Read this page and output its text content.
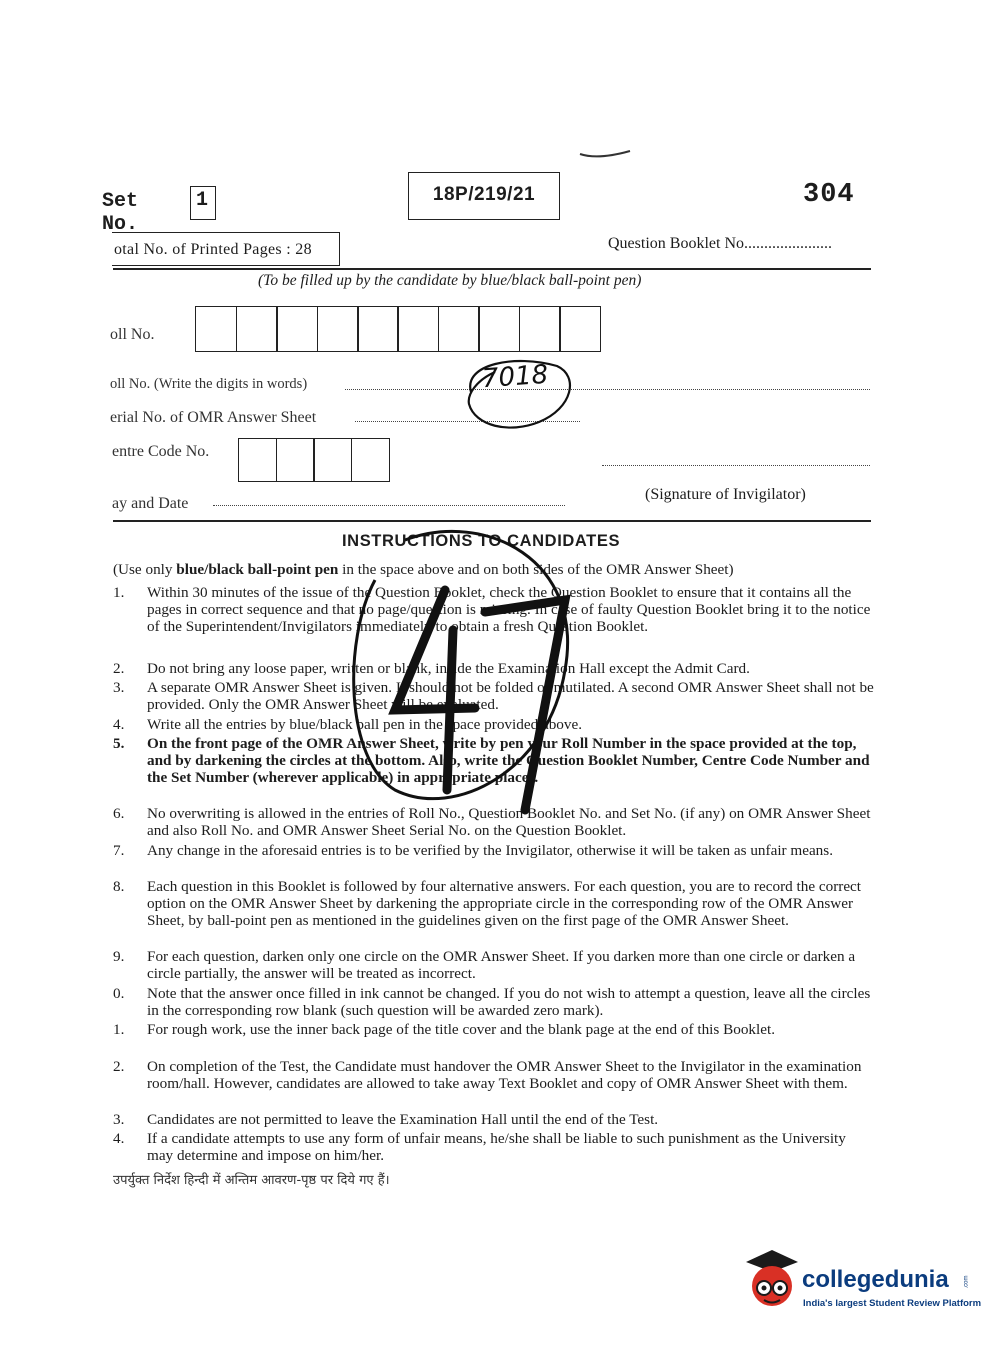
Set No.
1	18P/219/21	304
otal No. of Printed Pages : 28	Question Booklet No......................
(To be filled up by the candidate by blue/black ball-point pen)
oll No.
oll No. (Write the digits in words)
erial No. of OMR Answer Sheet
entre Code No.
ay and Date
(Signature of Invigilator)
7018
INSTRUCTIONS TO CANDIDATES
(Use only blue/black ball-point pen in the space above and on both sides of the OMR Answer Sheet)
1.	Within 30 minutes of the issue of the Question Booklet, check the Question Booklet to ensure that it contains all the pages in correct sequence and that no page/question is missing. In case of faulty Question Booklet bring it to the notice of the Superintendent/Invigilators immediately to obtain a fresh Question Booklet.
2.	Do not bring any loose paper, written or blank, inside the Examination Hall except the Admit Card.
3.	A separate OMR Answer Sheet is given. It should not be folded or mutilated. A second OMR Answer Sheet shall not be provided. Only the OMR Answer Sheet will be evaluated.
4.	Write all the entries by blue/black ball pen in the space provided above.
5.	On the front page of the OMR Answer Sheet, write by pen your Roll Number in the space provided at the top, and by darkening the circles at the bottom. Also, write the Question Booklet Number, Centre Code Number and the Set Number (wherever applicable) in appropriate places.
6.	No overwriting is allowed in the entries of Roll No., Question Booklet No. and Set No. (if any) on OMR Answer Sheet and also Roll No. and OMR Answer Sheet Serial No. on the Question Booklet.
7.	Any change in the aforesaid entries is to be verified by the Invigilator, otherwise it will be taken as unfair means.
8.	Each question in this Booklet is followed by four alternative answers. For each question, you are to record the correct option on the OMR Answer Sheet by darkening the appropriate circle in the corresponding row of the OMR Answer Sheet, by ball-point pen as mentioned in the guidelines given on the first page of the OMR Answer Sheet.
9.	For each question, darken only one circle on the OMR Answer Sheet. If you darken more than one circle or darken a circle partially, the answer will be treated as incorrect.
0.	Note that the answer once filled in ink cannot be changed. If you do not wish to attempt a question, leave all the circles in the corresponding row blank (such question will be awarded zero mark).
1.	For rough work, use the inner back page of the title cover and the blank page at the end of this Booklet.
2.	On completion of the Test, the Candidate must handover the OMR Answer Sheet to the Invigilator in the examination room/hall. However, candidates are allowed to take away Text Booklet and copy of OMR Answer Sheet with them.
3.	Candidates are not permitted to leave the Examination Hall until the end of the Test.
4.	If a candidate attempts to use any form of unfair means, he/she shall be liable to such punishment as the University may determine and impose on him/her.
उपर्युक्त निर्देश हिन्दी में अन्तिम आवरण-पृष्ठ पर दिये गए हैं।
collegedunia .com
India's largest Student Review Platform
